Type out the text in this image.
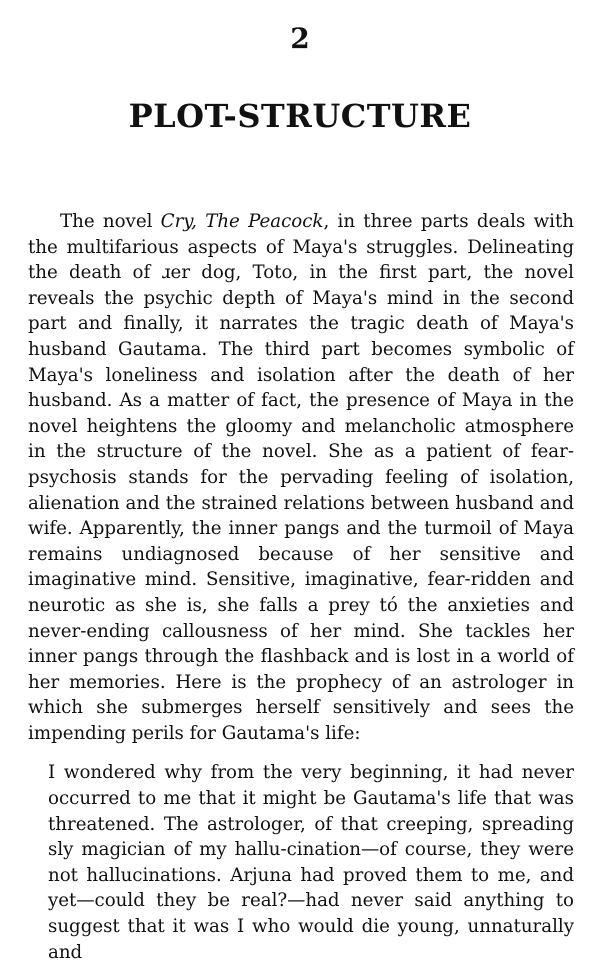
2
PLOT-STRUCTURE

The novel Cry, The Peacock, in three parts deals with the multifarious aspects of Maya's struggles. Delineating the death of ɹer dog, Toto, in the first part, the novel reveals the psychic depth of Maya's mind in the second part and finally, it narrates the tragic death of Maya's husband Gautama. The third part becomes symbolic of Maya's loneliness and isolation after the death of her husband. As a matter of fact, the presence of Maya in the novel heightens the gloomy and melancholic atmosphere in the structure of the novel. She as a patient of fear-psychosis stands for the pervading feeling of isolation, alienation and the strained relations between husband and wife. Apparently, the inner pangs and the turmoil of Maya remains undiagnosed because of her sensitive and imaginative mind. Sensitive, imaginative, fear-ridden and neurotic as she is, she falls a prey tó the anxieties and never-ending callousness of her mind. She tackles her inner pangs through the flashback and is lost in a world of her memories. Here is the prophecy of an astrologer in which she submerges herself sensitively and sees the impending perils for Gautama's life:

I wondered why from the very beginning, it had never occurred to me that it might be Gautama's life that was threatened. The astrologer, of that creeping, spreading sly magician of my hallu-cination—of course, they were not hallucinations. Arjuna had proved them to me, and yet—could they be real?—had never said anything to suggest that it was I who would die young, unnaturally and
